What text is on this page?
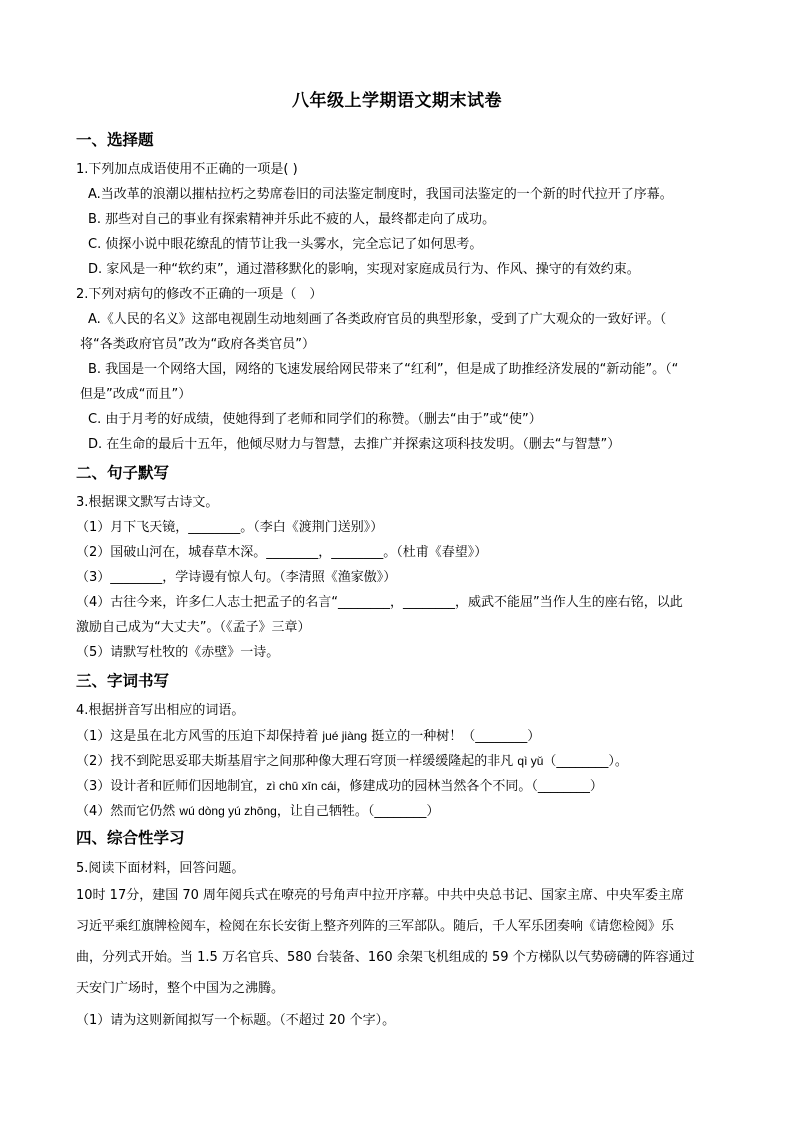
八年级上学期语文期末试卷
一、选择题
1.下列加点成语使用不正确的一项是( )
A.当改革的浪潮以摧枯拉朽之势席卷旧的司法鉴定制度时，我国司法鉴定的一个新的时代拉开了序幕。
B. 那些对自己的事业有探索精神并乐此不疲的人，最终都走向了成功。
C. 侦探小说中眼花缭乱的情节让我一头雾水，完全忘记了如何思考。
D. 家风是一种“软约束”，通过潜移默化的影响，实现对家庭成员行为、作风、操守的有效约束。
2.下列对病句的修改不正确的一项是（　）
A.《人民的名义》这部电视剧生动地刻画了各类政府官员的典型形象，受到了广大观众的一致好评。（
将“各类政府官员”改为“政府各类官员”）
B. 我国是一个网络大国，网络的飞速发展给网民带来了“红利”，但是成了助推经济发展的“新动能”。（“
但是”改成“而且”）
C. 由于月考的好成绩，使她得到了老师和同学们的称赞。（删去“由于”或“使”）
D. 在生命的最后十五年，他倾尽财力与智慧，去推广并探索这项科技发明。（删去“与智慧”）
二、句子默写
3.根据课文默写古诗文。
（1）月下飞天镜，________。（李白《渡荆门送别》）
（2）国破山河在，城春草木深。________，________。（杜甫《春望》）
（3）________，学诗谩有惊人句。（李清照《渔家傲》）
（4）古往今来，许多仁人志士把孟子的名言“________，________，威武不能屈”当作人生的座右铭，以此
激励自己成为“大丈夫”。（《孟子》三章）
（5）请默写杜牧的《赤壁》一诗。
三、字词书写
4.根据拼音写出相应的词语。
（1）这是虽在北方风雪的压迫下却保持着 jué jiàng 挺立的一种树！（________）
（2）找不到陀思妥耶夫斯基眉宇之间那种像大理石穹顶一样缓缓隆起的非凡 qì yǔ（________）。
（3）设计者和匠师们因地制宜，zì chū xīn cái，修建成功的园林当然各个不同。（________）
（4）然而它仍然 wú dòng yú zhōng，让自己牺牲。（________）
四、综合性学习
5.阅读下面材料，回答问题。
10时 17分，建国 70 周年阅兵式在嘹亮的号角声中拉开序幕。中共中央总书记、国家主席、中央军委主席
习近平乘红旗牌检阅车，检阅在东长安街上整齐列阵的三军部队。随后，千人军乐团奏响《请您检阅》乐
曲，分列式开始。当 1.5 万名官兵、580 台装备、160 余架飞机组成的 59 个方梯队以气势磅礴的阵容通过
天安门广场时，整个中国为之沸腾。
（1）请为这则新闻拟写一个标题。（不超过 20 个字）。
